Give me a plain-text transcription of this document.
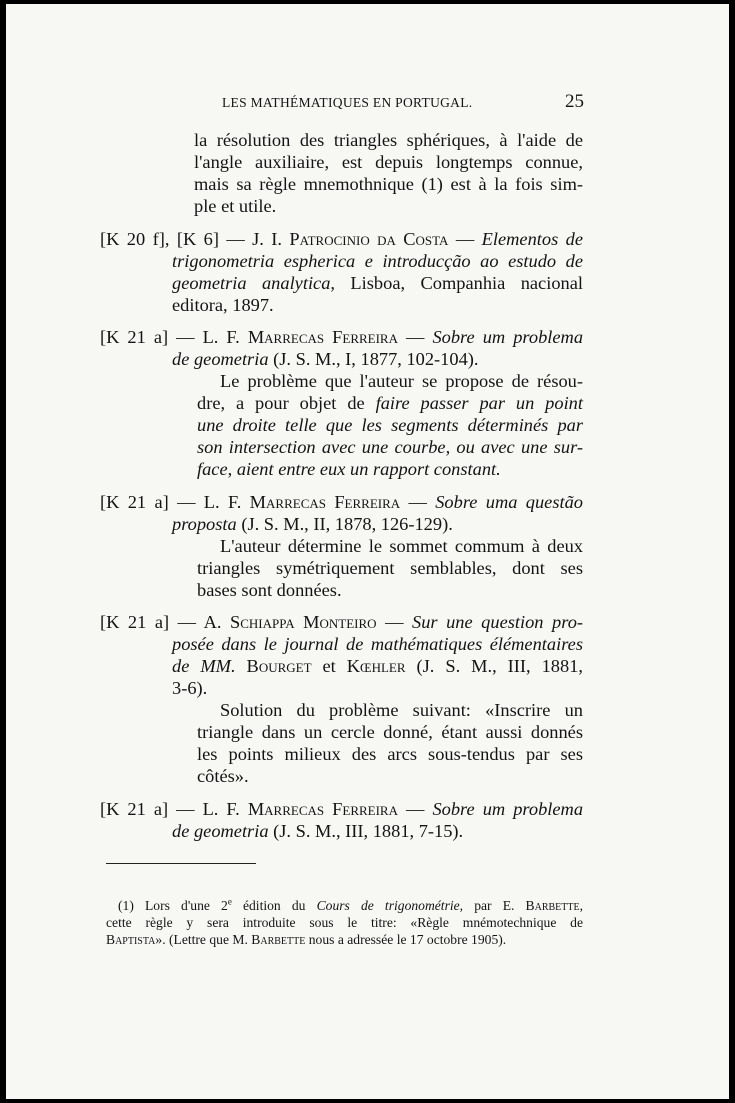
LES MATHÉMATIQUES EN PORTUGAL.	25
la résolution des triangles sphériques, à l'aide de
l'angle auxiliaire, est depuis longtemps connue,
mais sa règle mnemothnique (1) est à la fois sim-
ple et utile.
[K 20 f], [K 6] — J. I. Patrocinio da Costa — Elementos de
trigonometria espherica e introducção ao estudo de
geometria analytica, Lisboa, Companhia nacional
editora, 1897.
[K 21 a] — L. F. Marrecas Ferreira — Sobre um problema
de geometria (J. S. M., I, 1877, 102-104).
Le problème que l'auteur se propose de résou-
dre, a pour objet de faire passer par un point
une droite telle que les segments déterminés par
son intersection avec une courbe, ou avec une sur-
face, aient entre eux un rapport constant.
[K 21 a] — L. F. Marrecas Ferreira — Sobre uma questão
proposta (J. S. M., II, 1878, 126-129).
L'auteur détermine le sommet commum à deux
triangles symétriquement semblables, dont ses
bases sont données.
[K 21 a] — A. Schiappa Monteiro — Sur une question pro-
posée dans le journal de mathématiques élémentaires
de MM. Bourget et Kœhler (J. S. M., III, 1881,
3-6).
Solution du problème suivant: «Inscrire un
triangle dans un cercle donné, étant aussi donnés
les points milieux des arcs sous-tendus par ses
côtés».
[K 21 a] — L. F. Marrecas Ferreira — Sobre um problema
de geometria (J. S. M., III, 1881, 7-15).
(1) Lors d'une 2e édition du Cours de trigonométrie, par E. Barbette,
cette règle y sera introduite sous le titre: «Règle mnémotechnique de
Baptista». (Lettre que M. Barbette nous a adressée le 17 octobre 1905).
